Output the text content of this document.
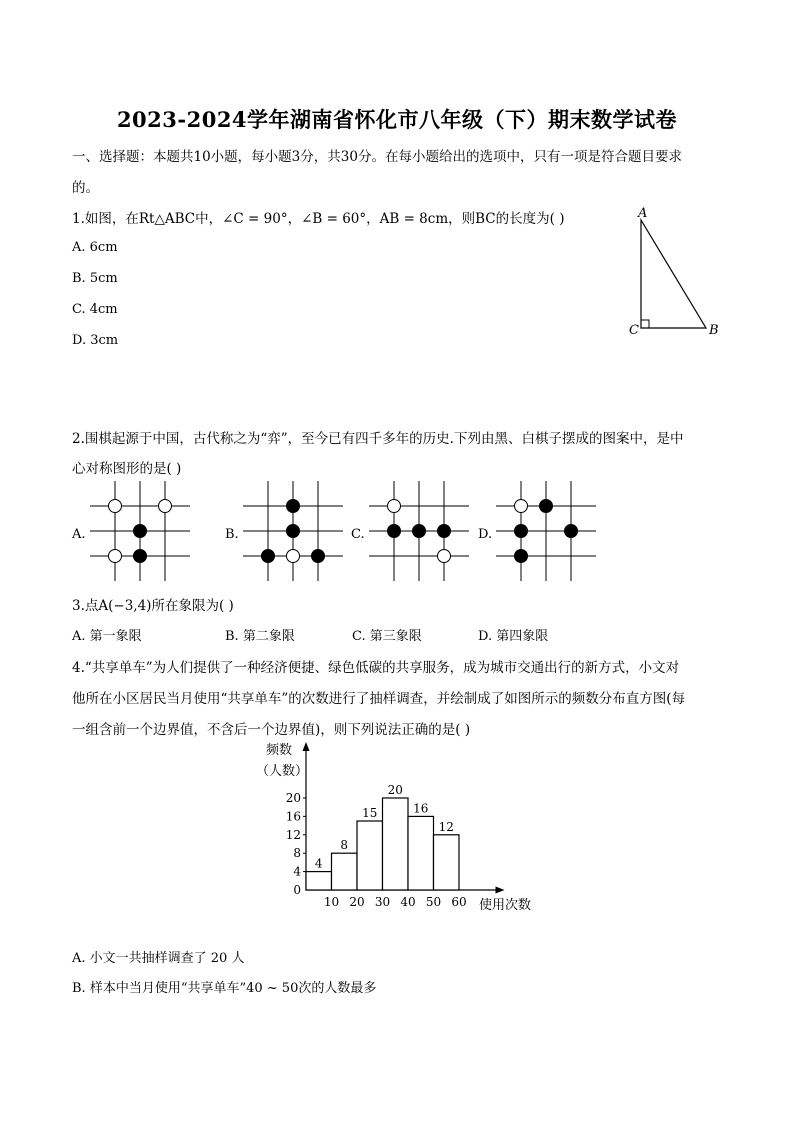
2023-2024学年湖南省怀化市八年级（下）期末数学试卷
一、选择题：本题共10小题，每小题3分，共30分。在每小题给出的选项中，只有一项是符合题目要求
的。
1.如图，在Rt△ABC中，∠C = 90°，∠B = 60°，AB = 8cm，则BC的长度为( )
A. 6cm
B. 5cm
C. 4cm
D. 3cm
A
C	B
2.围棋起源于中国，古代称之为“弈”，至今已有四千多年的历史.下列由黑、白棋子摆成的图案中，是中
心对称图形的是( )
A.	B.	C.	D.
3.点A(−3,4)所在象限为( )
A. 第一象限	B. 第二象限	C. 第三象限	D. 第四象限
4.“共享单车”为人们提供了一种经济便捷、绿色低碳的共享服务，成为城市交通出行的新方式，小文对
他所在小区居民当月使用“共享单车”的次数进行了抽样调查，并绘制成了如图所示的频数分布直方图(每
一组含前一个边界值，不含后一个边界值)，则下列说法正确的是( )
频数
（人数）
使用次数
4
8
15
20
16
12
0
4
8
12
16
20
10 20 30 40 50 60
A. 小文一共抽样调查了 20 人
B. 样本中当月使用“共享单车”40 ~ 50次的人数最多
